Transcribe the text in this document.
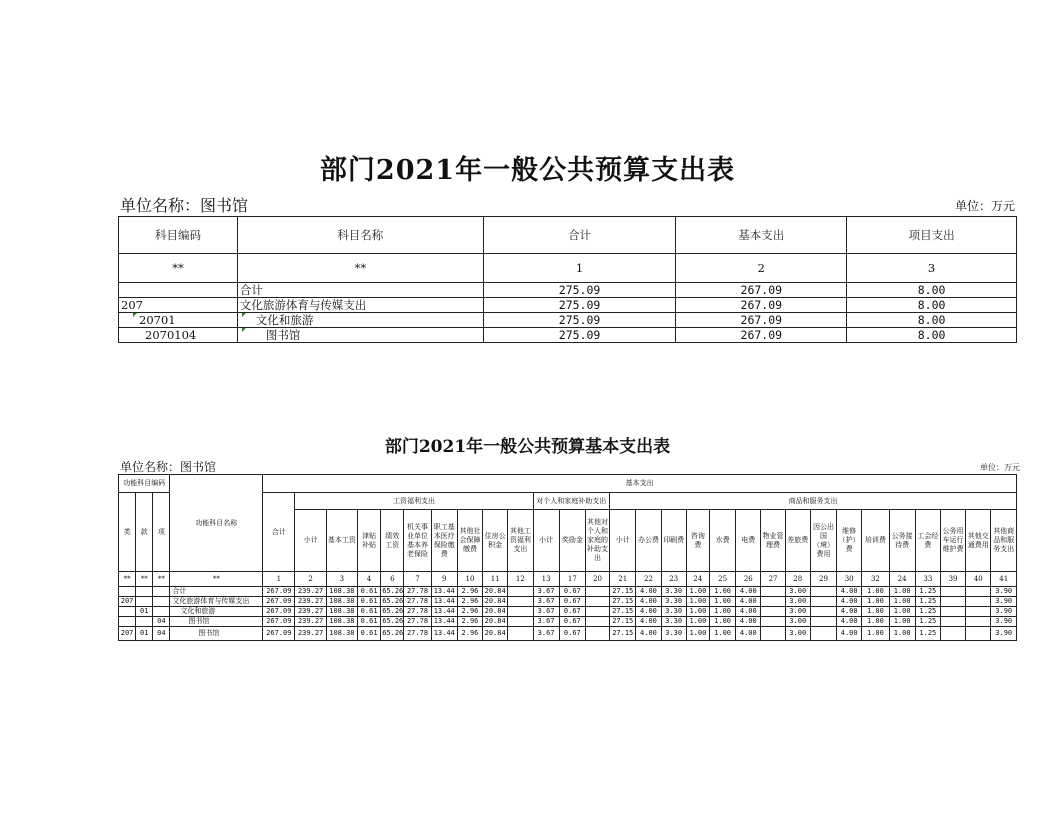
部门2021年一般公共预算支出表
单位名称：图书馆	单位：万元
科目编码	科目名称	合计	基本支出	项目支出
**	**	1	2	3
	合计	275.09	267.09	8.00
207	文化旅游体育与传媒支出	275.09	267.09	8.00
20701	文化和旅游	275.09	267.09	8.00
2070104	图书馆	275.09	267.09	8.00
部门2021年一般公共预算基本支出表
单位名称：图书馆	单位：万元
功能科目编码			功能科目名称	基本支出																												
类	款	项		合计	工资福利支出									对个人和家庭补助支出			商品和服务支出															
					小计	基本工资	津贴补贴	绩效工资	机关事业单位基本养老保险	职工基本医疗保险缴费	其他社会保障缴费	住房公积金	其他工资福利支出	小计	奖励金	其他对个人和家庭的补助支出	小计	办公费	印刷费	咨询费	水费	电费	物业管理费	差旅费	因公出国（境）费用	维修（护）费	培训费	公务接待费	工会经费	公务用车运行维护费	其他交通费用	其他商品和服务支出
**	**	**	**	1	2	3	4	6	7	9	10	11	12	13	17	20	21	22	23	24	25	26	27	28	29	30	32	24	33	39	40	41
			合计	267.09	239.27	108.38	0.61	65.26	27.78	13.44	2.96	20.84		3.67	0.67		27.15	4.00	3.30	1.00	1.00	4.00		3.00		4.00	1.00	1.00	1.25			3.90
207			文化旅游体育与传媒支出	267.09	239.27	108.38	0.61	65.26	27.78	13.44	2.96	20.84		3.67	0.67		27.15	4.00	3.30	1.00	1.00	4.00		3.00		4.00	1.00	1.00	1.25			3.90
	01		文化和旅游	267.09	239.27	108.38	0.61	65.26	27.78	13.44	2.96	20.84		3.67	0.67		27.15	4.00	3.30	1.00	1.00	4.00		3.00		4.00	1.00	1.00	1.25			3.90
		04	图书馆	267.09	239.27	108.38	0.61	65.26	27.78	13.44	2.96	20.84		3.67	0.67		27.15	4.00	3.30	1.00	1.00	4.00		3.00		4.00	1.00	1.00	1.25			3.90
207	01	04	图书馆	267.09	239.27	108.38	0.61	65.26	27.78	13.44	2.96	20.84		3.67	0.67		27.15	4.00	3.30	1.00	1.00	4.00		3.00		4.00	1.00	1.00	1.25			3.90
